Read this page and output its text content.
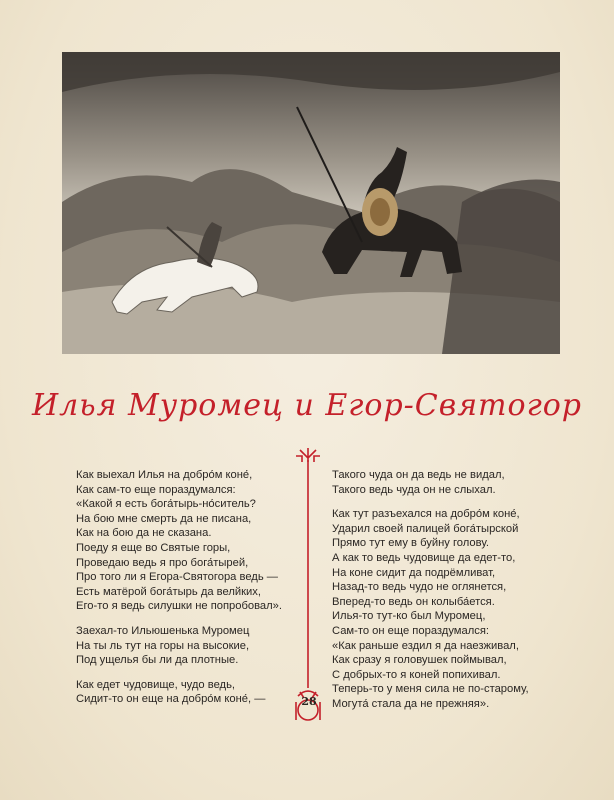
Илья Муромец и Егор-Святогор
Как выехал Илья на добро́м коне́,
Как сам-то еще пораздумался:
«Какой я есть бога́тырь-но́ситель?
На бою мне смерть да не писана,
Как на бою да не сказана.
Поеду я еще во Святые горы,
Проведаю ведь я про бога́тырей,
Про того ли я Егора-Святогора ведь —
Есть матёрой бога́тырь да велйких,
Его-то я ведь силушки не попробовал».
Заехал-то Ильюшенька Муромец
На ты ль тут на горы на высокие,
Под ущелья бы ли да плотные.
Как едет чудовище, чудо ведь,
Сидит-то он еще на добро́м коне́, —	28
Такого чуда он да ведь не видал,
Такого ведь чуда он не слыхал.
Как тут разъехался на добро́м коне́,
Ударил своей палицей бога́тырской
Прямо тут ему в буйну голову.
А как то ведь чудовище да едет-то,
На коне сидит да подрёмливат,
Назад-то ведь чудо не оглянется,
Вперед-то ведь он колыба́ется.
Илья-то тут-ко был Муромец,
Сам-то он еще пораздумался:
«Как раньше ездил я да наезживал,
Как сразу я головушек поймывал,
С добрых-то я коней попихивал.
Теперь-то у меня сила не по-старому,
Могута́ стала да не прежняя».
